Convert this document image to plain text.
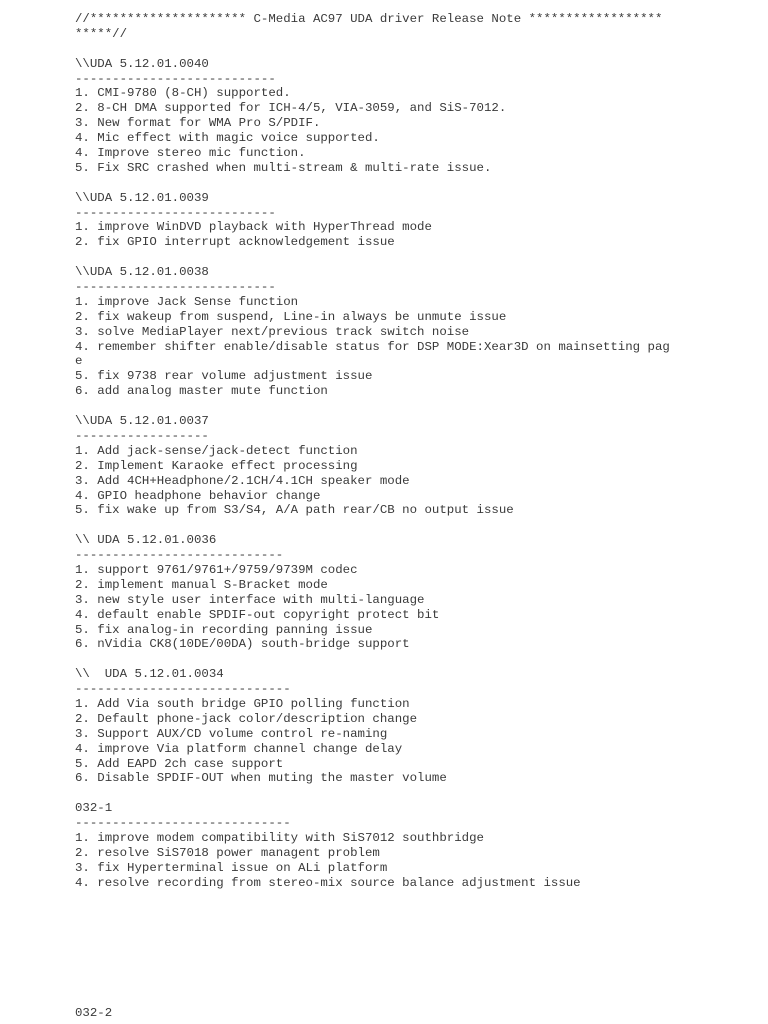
//********************* C-Media AC97 UDA driver Release Note ******************
*****//
\\UDA 5.12.01.0040
---------------------------
1. CMI-9780 (8-CH) supported.
2. 8-CH DMA supported for ICH-4/5, VIA-3059, and SiS-7012.
3. New format for WMA Pro S/PDIF.
4. Mic effect with magic voice supported.
4. Improve stereo mic function.
5. Fix SRC crashed when multi-stream & multi-rate issue.
\\UDA 5.12.01.0039
---------------------------
1. improve WinDVD playback with HyperThread mode
2. fix GPIO interrupt acknowledgement issue
\\UDA 5.12.01.0038
---------------------------
1. improve Jack Sense function
2. fix wakeup from suspend, Line-in always be unmute issue
3. solve MediaPlayer next/previous track switch noise
4. remember shifter enable/disable status for DSP MODE:Xear3D on mainsetting pag
e
5. fix 9738 rear volume adjustment issue
6. add analog master mute function
\\UDA 5.12.01.0037
------------------
1. Add jack-sense/jack-detect function
2. Implement Karaoke effect processing
3. Add 4CH+Headphone/2.1CH/4.1CH speaker mode
4. GPIO headphone behavior change
5. fix wake up from S3/S4, A/A path rear/CB no output issue
\\ UDA 5.12.01.0036
----------------------------
1. support 9761/9761+/9759/9739M codec
2. implement manual S-Bracket mode
3. new style user interface with multi-language
4. default enable SPDIF-out copyright protect bit
5. fix analog-in recording panning issue
6. nVidia CK8(10DE/00DA) south-bridge support
\\  UDA 5.12.01.0034
-----------------------------
1. Add Via south bridge GPIO polling function
2. Default phone-jack color/description change
3. Support AUX/CD volume control re-naming
4. improve Via platform channel change delay
5. Add EAPD 2ch case support
6. Disable SPDIF-OUT when muting the master volume
032-1
-----------------------------
1. improve modem compatibility with SiS7012 southbridge
2. resolve SiS7018 power managent problem
3. fix Hyperterminal issue on ALi platform
4. resolve recording from stereo-mix source balance adjustment issue
032-2
